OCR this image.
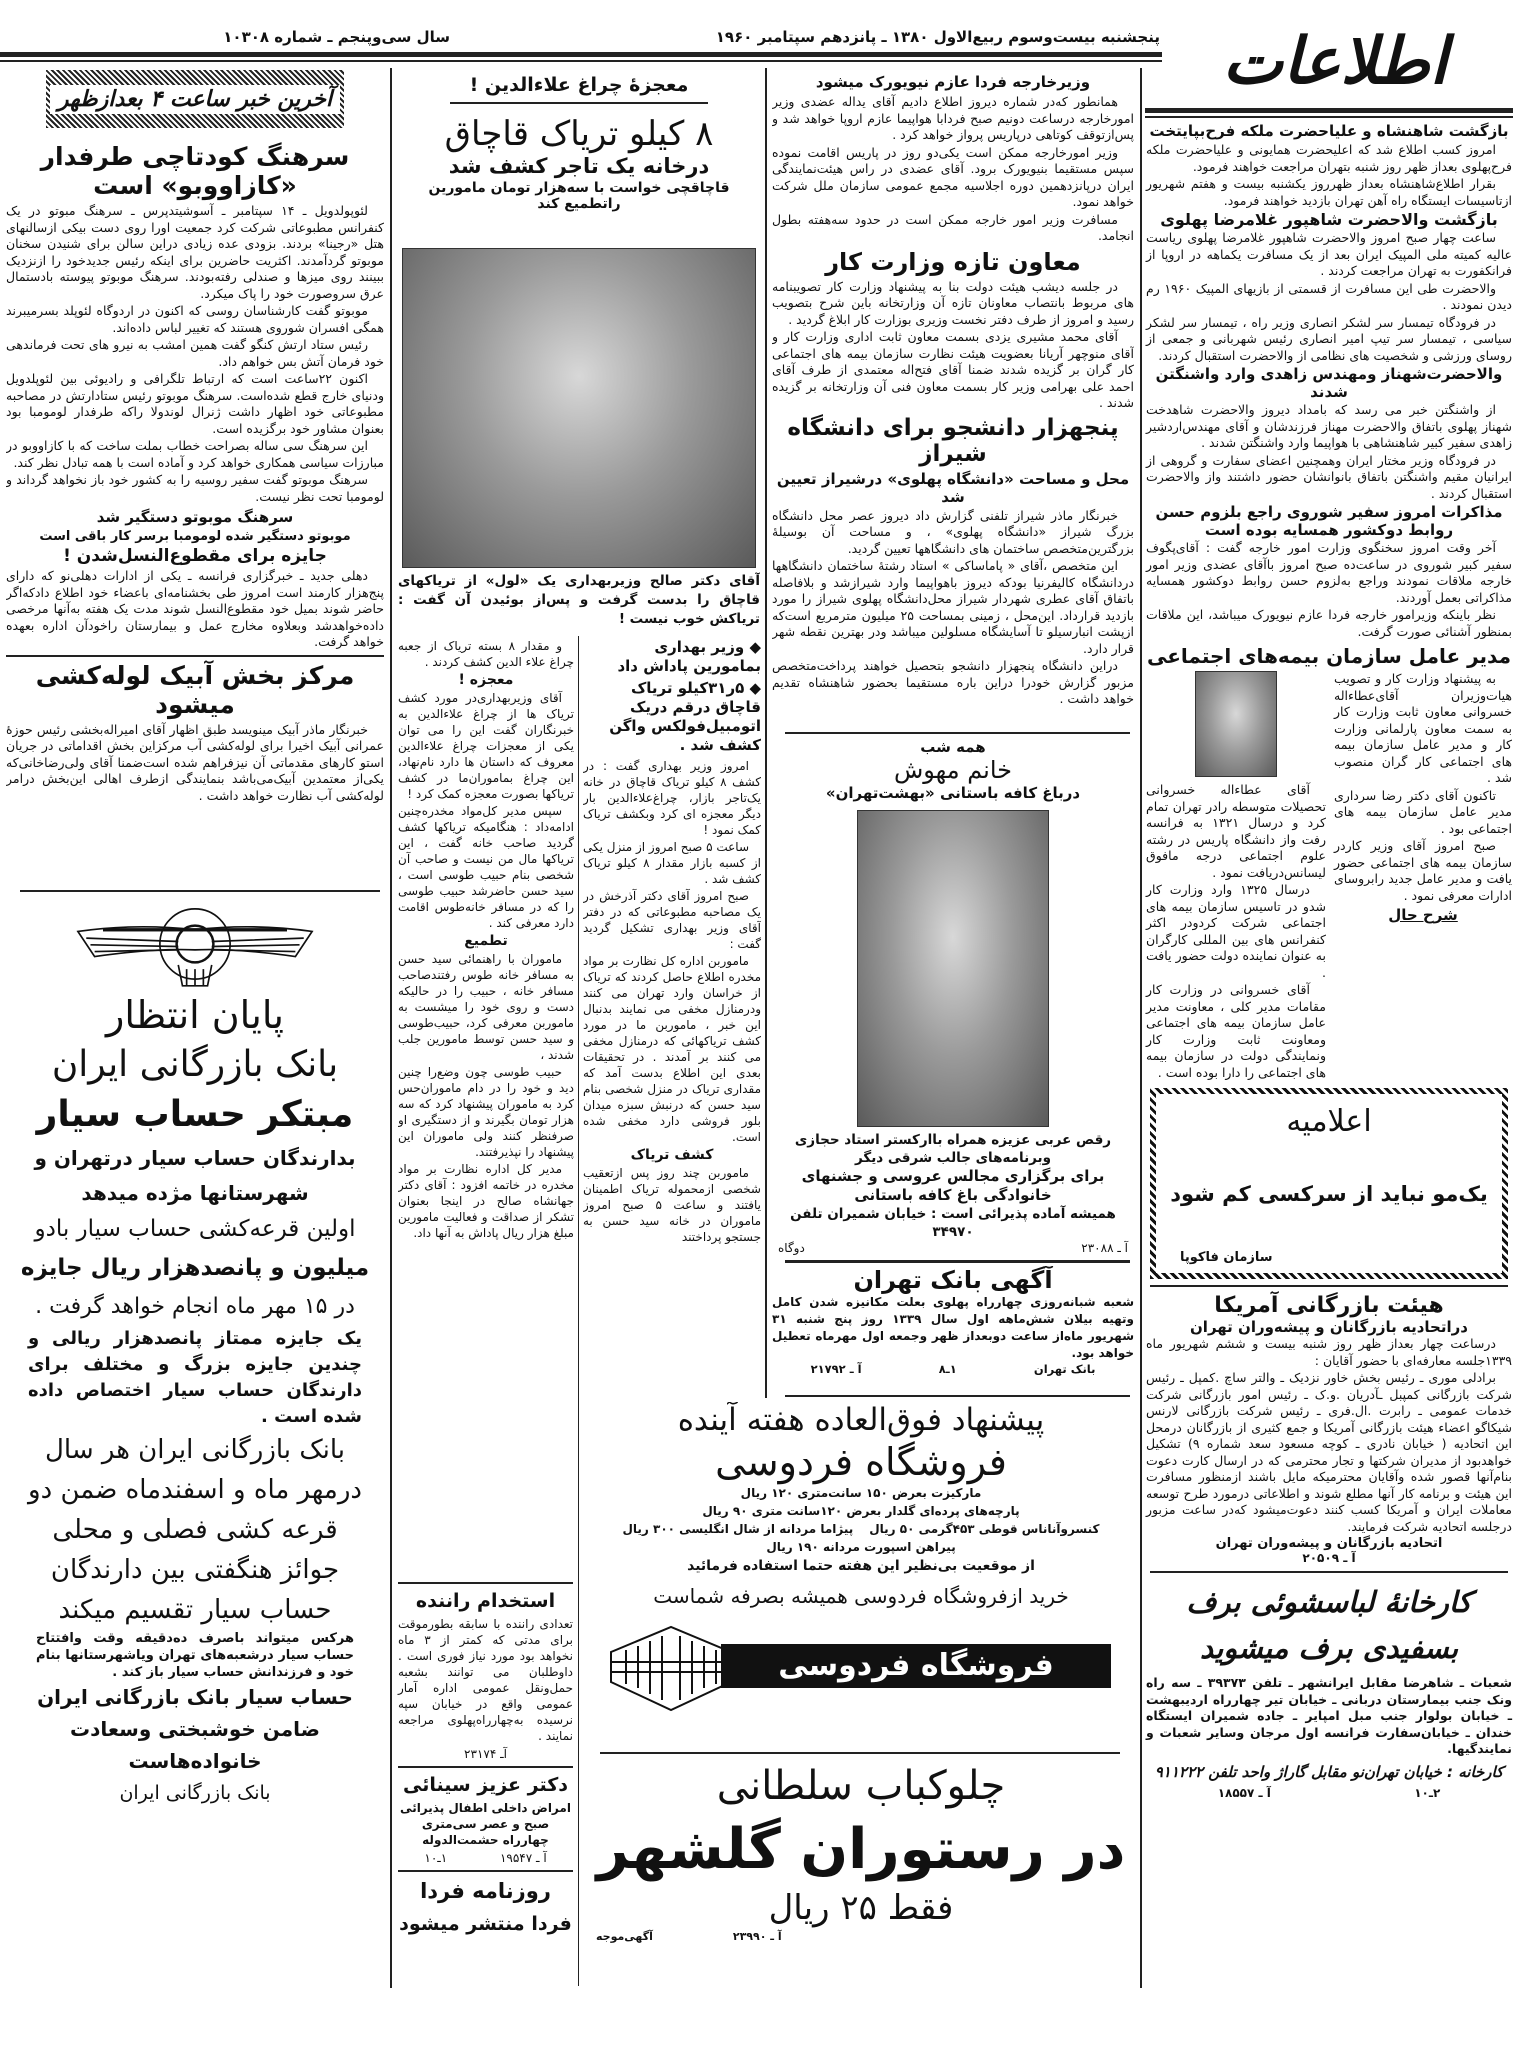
اطلاعات
پنجشنبه بیست‌وسوم ربیع‌الاول ۱۳۸۰ ـ پانزدهم سپتامبر ۱۹۶۰
سال سی‌وپنجم ـ شماره ۱۰۳۰۸
آخرین خبر ساعت ۴ بعدازظهر
سرهنگ کودتاچی طرفدار «کازاووبو» است

لئوپولدویل ـ ۱۴ سپتامبر ـ آسوشیتدپرس ـ سرهنگ مبوتو در یک کنفرانس مطبوعاتی شرکت کرد جمعیت اورا روی دست بیکی ازسالنهای هتل «رجینا» بردند. بزودی عده زیادی دراین سالن برای شنیدن سخنان موبوتو گردآمدند. اکثریت حاضرین برای اینکه رئیس جدیدخود را ازنزدیک ببینند روی میزها و صندلی رفته‌بودند. سرهنگ موبوتو پیوسته بادستمال عرق سروصورت خود را پاک میکرد.

موبوتو گفت کارشناسان روسی که اکنون در اردوگاه لئوپلد بسرمیبرند همگی افسران شوروی هستند که تغییر لباس داده‌اند.

رئیس ستاد ارتش کنگو گفت همین امشب به نیرو های تحت فرماندهی خود فرمان آتش بس خواهم داد.

اکنون ۲۲ساعت است که ارتباط تلگرافی و رادیوئی بین لئوپلدویل ودنیای خارج قطع شده‌است. سرهنگ موبوتو رئیس ستادارتش در مصاحبه مطبوعاتی خود اظهار داشت ژنرال لوندولا راکه طرفدار لومومبا بود بعنوان مشاور خود برگزیده است.

این سرهنگ سی ساله بصراحت خطاب بملت ساخت که با کازاووبو در مبارزات سیاسی همکاری خواهد کرد و آماده است با همه تبادل نظر کند.

سرهنگ موبوتو گفت سفیر روسیه را به کشور خود باز نخواهد گرداند و لومومبا تحت نظر نیست.

سرهنگ موبوتو دستگیر شد
موبوتو دستگیر شده لومومبا برسر کار باقی است
جایزه برای مقطوع‌النسل‌شدن !

دهلی جدید ـ خبرگزاری فرانسه ـ یکی از ادارات دهلی‌نو که دارای پنج‌هزار کارمند است امروز طی بخشنامه‌ای باعضاء خود اطلاع دادکه‌اگر حاضر شوند بمیل خود مقطوع‌النسل شوند مدت یک هفته به‌آنها مرخصی داده‌خواهدشد وبعلاوه مخارج عمل و بیمارستان راخودآن اداره بعهده خواهد گرفت.

مرکز بخش آبیک لوله‌کشی میشود

خبرنگار ماذر آبیک مینویسد طبق اظهار آقای امیراله‌بخشی رئیس حوزهٔ عمرانی آبیک اخیرا برای لوله‌کشی آب مرکزاین بخش اقداماتی در جریان استو کارهای مقدماتی آن نیزفراهم شده است‌ضمنا آقای ولی‌رضاخانی‌که یکی‌از معتمدین آبیک‌می‌باشد بنمایندگی ازطرف اهالی این‌بخش درامر لوله‌کشی آب نظارت خواهد داشت .

پایان انتظار
بانک بازرگانی ایران
مبتکر حساب سیار
بدارندگان حساب سیار درتهران و
شهرستانها مژده میدهد
اولین قرعه‌کشی حساب سیار بادو
میلیون و پانصدهزار ریال جایزه
در ۱۵ مهر ماه انجام خواهد گرفت .
یک جایزه ممتاز پانصدهزار ریالی و چندین جایزه بزرگ و مختلف برای دارندگان حساب سیار اختصاص داده شده است .
بانک بازرگانی ایران هر سال
درمهر ماه و اسفندماه ضمن دو
قرعه کشی فصلی و محلی
جوائز هنگفتی بین دارندگان
حساب سیار تقسیم میکند
هرکس میتواند باصرف ده‌دقیقه وقت وافتتاح حساب سیار درشعبه‌های تهران ویاشهرستانها بنام خود و فرزندانش حساب سیار باز کند .
حساب سیار بانک بازرگانی ایران
ضامن خوشبختی وسعادت خانواده‌هاست
بانک بازرگانی ایران
معجزهٔ چراغ علاءالدین !
۸ کیلو تریاک قاچاق
درخانه یک تاجر کشف شد
قاچاقچی خواست با سه‌هزار تومان مامورین راتطمیع کند
آقای دکتر صالح وزیربهداری یک «لول» از تریاکهای قاچاق را بدست گرفت و پس‌از بوئیدن آن گفت : تریاکش خوب نیست !
◆ وزیر بهداری بمامورین پاداش داد
◆ ۵ر۳۱کیلو تریاک قاچاق درقم دریک اتومبیل‌فولکس واگن کشف شد .

امروز وزیر بهداری گفت : در کشف ۸ کیلو تریاک قاچاق در خانه یک‌تاجر بازار، چراغ‌علاءالدین بار دیگر معجزه ای کرد وبکشف تریاک کمک نمود !

ساعت ۵ صبح امروز از منزل یکی از کسبه بازار مقدار ۸ کیلو تریاک کشف شد .

صبح امروز آقای دکتر آذرخش در یک مصاحبه مطبوعاتی که در دفتر آقای وزیر بهداری تشکیل گردید گفت :

ماموربن اداره کل نظارت بر مواد مخدره اطلاع حاصل کردند که تریاک از خراسان وارد تهران می کنند ودرمنازل مخفی می نمایند بدنبال این خبر ، ماموربن ما در مورد کشف تریاکهائی که درمنازل مخفی می کنند بر آمدند . در تحقیقات بعدی این اطلاع بدست آمد که مقداری تریاک در منزل شخصی بنام سید حسن که درنبش سبزه میدان بلور فروشی دارد مخفی شده است.

کشف تریاک

ماموربن چند روز پس ازتعقیب شخصی ازمحموله تریاک اطمینان یافتند و ساعت ۵ صبح امروز ماموران در خانه سید حسن به جستجو پرداختند

و مقدار ۸ بسته تریاک از جعبه چراغ علاء الدین کشف کردند .

معجزه !

آقای وزیربهداری‌در مورد کشف تریاک ها از چراغ علاءالدین به خبرنگاران گفت این را می توان یکی از معجزات چراغ علاءالدین معروف که داستان ها دارد نام‌نهاد، این چراغ بماموران‌ما در کشف تریاکها بصورت معجزه کمک کرد !

سپس مدیر کل‌مواد مخدره‌چنین ادامه‌داد : هنگامیکه تریاکها کشف گردید صاحب خانه گفت ، این تریاکها مال من نیست و صاحب آن شخصی بنام حبیب طوسی است ، سید حسن حاضرشد حبیب طوسی را که در مسافر خانه‌طوس اقامت دارد معرفی کند .

تطمیع

ماموران با راهنمائی سید حسن به مسافر خانه طوس رفتندصاحب مسافر خانه ، حبیب را در حالیکه دست و روی خود را میشست به ماموربن معرفی کرد، حبیب‌طوسی و سید حسن توسط مامورین جلب شدند ،

حبیب طوسی چون وضع‌را چنین دید و خود را در دام ماموران‌حس کرد به ماموران پیشنهاد کرد که سه هزار تومان بگیرند و از دستگیری او صرفنظر کنند ولی ماموران این پیشنهاد را نپذیرفتند.

مدیر کل اداره نظارت بر مواد مخدره در خاتمه افزود : آقای دکتر جهانشاه صالح در اینجا بعنوان تشکر از صداقت و فعالیت مامورین مبلغ هزار ریال پاداش به آنها داد.

استخدام راننده
تعدادی راننده با سابقه بطورموقت برای مدتی که کمتر از ۳ ماه نخواهد بود مورد نیاز فوری است . داوطلبان می توانند بشعبه حمل‌ونقل عمومی اداره آمار عمومی واقع در خیابان سپه نرسیده به‌چهارراه‌پهلوی مراجعه نمایند .
آـ ۲۳۱۷۴
دکتر عزیز سینائی
امراض داخلی اطفال پذیرائی صبح و عصر سی‌متری چهارراه حشمت‌الدوله
آ ـ ۱۹۵۴۷
۱ـ۱۰
روزنامه فردا
فردا منتشر میشود
وزیرخارجه فردا عازم نیویورک میشود

همانطور که‌در شماره دیروز اطلاع دادیم آقای یداله عضدی وزیر امورخارجه درساعت دونیم صبح فردابا هواپیما عازم اروپا خواهد شد و پس‌ازتوقف کوتاهی درپاریس پرواز خواهد کرد .

وزیر امورخارجه ممکن است یکی‌دو روز در پاریس اقامت نموده سپس مستقیما بنیویورک برود. آقای عضدی در راس هیئت‌نمایندگی ایران درپانزدهمین دوره اجلاسیه مجمع عمومی سازمان ملل شرکت خواهد نمود.

مسافرت وزیر امور خارجه ممکن است در حدود سه‌هفته بطول انجامد.

معاون تازه وزارت کار

در جلسه دیشب هیئت دولت بنا به پیشنهاد وزارت کار تصویبنامه های مربوط بانتصاب معاونان تازه آن وزارتخانه باین شرح بتصویب رسید و امروز از طرف دفتر نخست وزیری بوزارت کار ابلاغ گردید .

آقای محمد مشیری یزدی بسمت معاون ثابت اداری وزارت کار و آقای منوچهر آریانا بعضویت هیئت نظارت سازمان بیمه های اجتماعی کار گران بر گزیده شدند ضمنا آقای فتح‌اله معتمدی از طرف آقای احمد علی بهرامی وزیر کار بسمت معاون فنی آن وزارتخانه بر گزیده شدند .

پنجهزار دانشجو برای دانشگاه شیراز
محل و مساحت «دانشگاه پهلوی» درشیراز تعیین شد

خبرنگار ماذر شیراز تلفنی گزارش داد دیروز عصر محل دانشگاه بزرگ شیراز «دانشگاه پهلوی» ، و مساحت آن بوسیلهٔ بزرگترین‌متخصص ساختمان های دانشگاهها تعیین گردید.

این متخصص ،آقای « پاماساکی » استاد رشتهٔ ساختمان دانشگاهها دردانشگاه کالیفرنیا بودکه دیروز باهواپیما وارد شیرازشد و بلافاصله باتفاق آقای عطری شهردار شیراز محل‌دانشگاه پهلوی شیراز را مورد بازدید قرارداد. این‌محل ، زمینی بمساحت ۲۵ میلیون مترمربع است‌که ازپشت انبارسیلو تا آسایشگاه مسلولین میباشد ودر بهترین نقطه شهر قرار دارد.

دراین دانشگاه پنجهزار دانشجو بتحصیل خواهند پرداخت‌متخصص مزبور گزارش خودرا دراین باره مستقیما بحضور شاهنشاه تقدیم خواهد داشت .

همه شب
خانم مهوش
درباغ کافه باستانی «بهشت‌تهران»
رقص عربی عزیزه همراه باارکستر استاد حجازی وبرنامه‌های جالب شرقی دیگر
برای برگزاری مجالس عروسی و جشنهای خانوادگی باغ کافه باستانی
همیشه آماده پذیرائی است : خیابان شمیران تلفن ۳۴۹۷۰
آ ـ ۲۳۰۸۸
دوگاه
آگهی بانک تهران
شعبه شبانه‌روزی چهارراه پهلوی بعلت مکانیزه شدن کامل وتهیه بیلان شش‌ماهه اول سال ۱۳۳۹ روز پنج شنبه ۳۱ شهریور ماه‌از ساعت دوبعداز ظهر وجمعه اول مهرماه تعطیل خواهد بود.
بانک تهران
۱ـ۸
آ ـ ۲۱۷۹۲
پیشنهاد فوق‌العاده هفته آینده
فروشگاه فردوسی
مارکیزت بعرض ۱۵۰ سانت‌متری ۱۲۰ ریال
پارچه‌های پرده‌ای گلدار بعرض ۱۲۰سانت متری ۹۰ ریال
کنسروآناناس قوطی ۴۵۳گرمی ۵۰ ریال
پیژاما مردانه از شال انگلیسی ۳۰۰ ریال
پیراهن اسپورت مردانه ۱۹۰ ریال
از موقعیت بی‌نظیر این هفته حتما استفاده فرمائید
خرید ازفروشگاه فردوسی همیشه بصرفه شماست
فروشگاه فردوسی
چلوکباب سلطانی
در رستوران گلشهر
فقط ۲۵ ریال
آ ـ ۲۳۹۹۰
آگهی‌موجه
بازگشت شاهنشاه و علیاحضرت ملکه فرح‌بپایتخت

امروز کسب اطلاع شد که اعلیحضرت همایونی و علیاحضرت ملکه فرح‌پهلوی بعداز ظهر روز شنبه بتهران مراجعت خواهند فرمود.

بقرار اطلاع‌شاهنشاه بعداز ظهرروز یکشنبه بیست و هفتم شهریور ازتاسیسات ایستگاه راه آهن تهران بازدید خواهند فرمود.

بازگشت والاحضرت شاهپور غلامرضا پهلوی

ساعت چهار صبح امروز والاحضرت شاهپور غلامرضا پهلوی ریاست عالیه کمیته ملی المپیک ایران بعد از یک مسافرت یکماهه در اروپا از فرانکفورت به تهران مراجعت کردند .

والاحضرت طی این مسافرت از قسمتی از بازیهای المپیک ۱۹۶۰ رم دیدن نمودند .

در فرودگاه تیمسار سر لشکر انصاری وزیر راه ، تیمسار سر لشکر سیاسی ، تیمسار سر تیپ امیر انصاری رئیس شهربانی و جمعی از روسای ورزشی و شخصیت های نظامی از والاحضرت استقبال کردند.

والاحضرت‌شهناز ومهندس زاهدی وارد واشنگتن شدند

از واشنگتن خبر می رسد که بامداد دیروز والاحضرت شاهدخت شهناز پهلوی باتفاق والاحضرت مهناز فرزندشان و آقای مهندس‌اردشیر زاهدی سفیر کبیر شاهنشاهی با هواپیما وارد واشنگتن شدند .

در فرودگاه وزیر مختار ایران وهمچنین اعضای سفارت و گروهی از ایرانیان مقیم واشنگتن باتفاق بانوانشان حضور داشتند واز والاحضرت استقبال کردند .

مذاکرات امروز سفیر شوروی راجع بلزوم حسن روابط دوکشور همسایه بوده است

آخر وقت امروز سخنگوی وزارت امور خارجه گفت : آقای‌پگوف سفیر کبیر شوروی در ساعت‌ده صبح امروز باآقای عضدی وزیر امور خارجه ملاقات نمودند وراجع به‌لزوم حسن روابط دوکشور همسایه مذاکراتی بعمل آوردند.

نظر باینکه وزیرامور خارجه فردا عازم نیویورک میباشد، این ملاقات بمنظور آشنائی صورت گرفت.

مدیر عامل سازمان بیمه‌های اجتماعی

به پیشنهاد وزارت کار و تصویب هیات‌وزیران آقای‌عطاءاله خسروانی معاون ثابت وزارت کار به سمت معاون پارلمانی وزارت کار و مدیر عامل سازمان بیمه های اجتماعی کار گران منصوب شد .

تاکنون آقای دکتر رضا سرداری مدیر عامل سازمان بیمه های اجتماعی بود .

صبح امروز آقای وزیر کاردر سازمان بیمه های اجتماعی حضور یافت و مدیر عامل جدید رابروسای ادارات معرفی نمود .

شرح حال

آقای عطاءاله خسروانی تحصیلات متوسطه رادر تهران تمام کرد و درسال ۱۳۲۱ به فرانسه رفت واز دانشگاه پاریس در رشته علوم اجتماعی درجه مافوق لیسانس‌دریافت نمود .

درسال ۱۳۲۵ وارد وزارت کار شدو در تاسیس سازمان بیمه های اجتماعی شرکت کردودر اکثر کنفرانس های بین المللی کارگران به عنوان نماینده دولت حضور یافت .

آقای خسروانی در وزارت کار مقامات مدیر کلی ، معاونت مدیر عامل سازمان بیمه های اجتماعی ومعاونت ثابت وزارت کار ونمایندگی دولت در سازمان بیمه های اجتماعی را دارا بوده است .

اعلامیه
یک‌مو نباید از سرکسی کم شود
سازمان فاکوپا
هیئت بازرگانی آمریکا
دراتحادیه بازرگانان و پیشه‌وران تهران

درساعت چهار بعداز ظهر روز شنبه بیست و ششم شهریور ماه ۱۳۳۹جلسه معارفه‌ای با حضور آقایان :

برادلی موری ـ رئیس بخش خاور نزدیک ـ والتر ساچ .کمپل ـ رئیس شرکت بازرگانی کمپبل ـآدریان .و.ک ـ رئیس امور بازرگانی شرکت خدمات عمومی ـ رابرت .ال.فری ـ رئیس شرکت بازرگانی لارنس شیکاگو اعضاء هیئت بازرگانی آمریکا و جمع کثیری از بازرگانان درمحل این اتحادیه ( خیابان نادری ـ کوچه مسعود سعد شماره ۹) تشکیل خواهدبود از مدیران شرکتها و تجار محترمی که در ارسال کارت دعوت بنام‌آنها قصور شده وآقایان محترمیکه مایل باشند ازمنظور مسافرت این هیئت و برنامه کار آنها مطلع شوند و اطلاعاتی درمورد طرح توسعه معاملات ایران و آمریکا کسب کنند دعوت‌میشود که‌در ساعت مزبور درجلسه اتحادیه شرکت فرمایند.

اتحادیه بازرگانان و پیشه‌وران تهران
آ ـ ۲۰۵۰۹
کارخانهٔ لباسشوئی برف
بسفیدی برف میشوید
شعبات ـ شاهرضا مقابل ایرانشهر ـ تلفن ۳۹۳۷۳ ـ سه راه ونک جنب بیمارستان دربانی ـ خیابان تیر چهارراه اردیبهشت ـ خیابان بولوار جنب مبل امپایر ـ جاده شمیران ایستگاه خندان ـ خیابان‌سفارت فرانسه اول مرجان وسایر شعبات و نمایندگیها.
کارخانه : خیابان تهران‌نو مقابل گاراژ واحد تلفن ۹۱۱۲۲۲
۲ـ۱۰
آ ـ ۱۸۵۵۷
